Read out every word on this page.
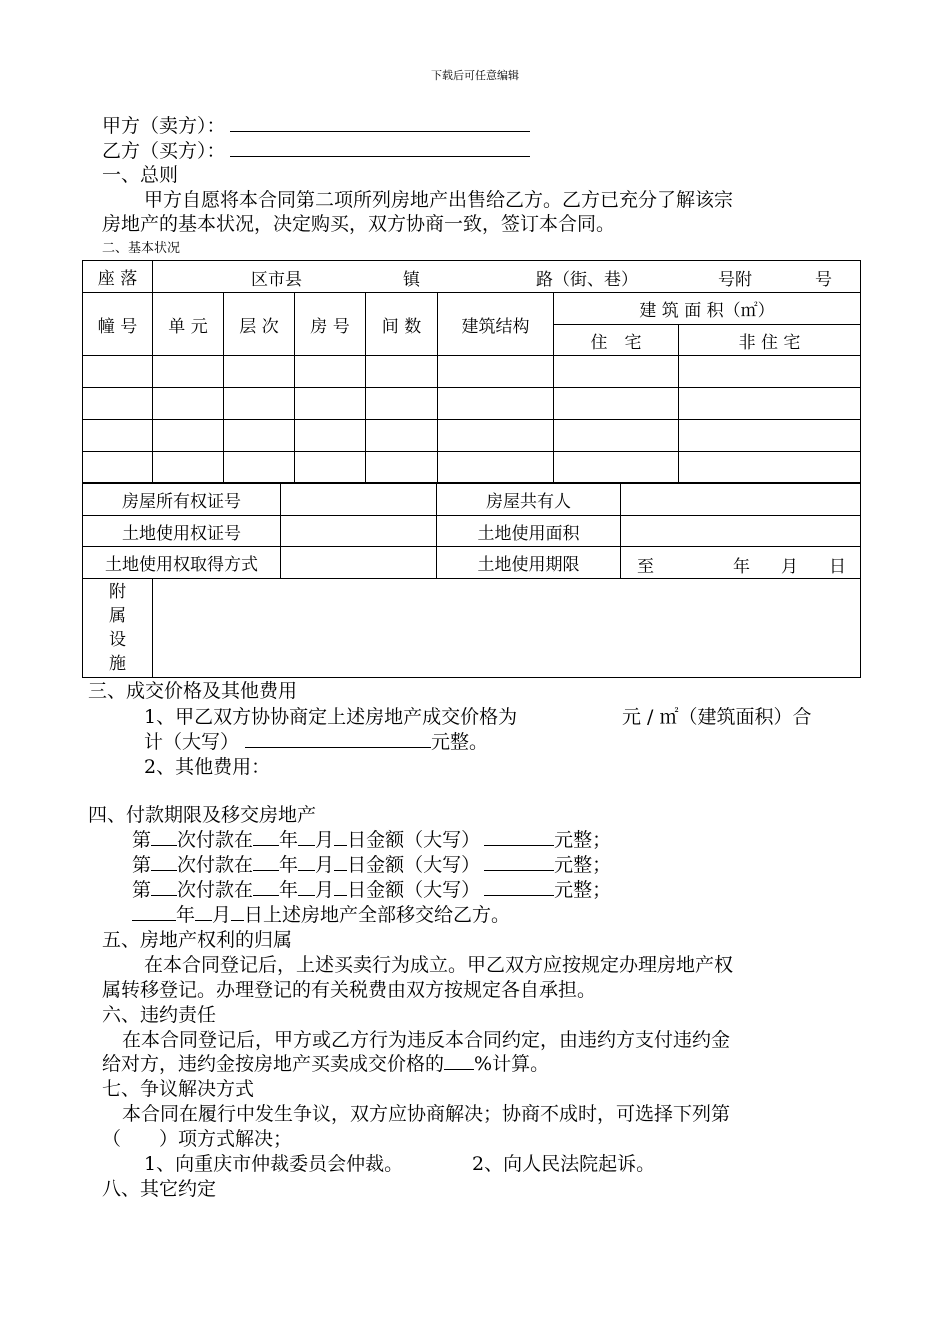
下载后可任意编辑
甲方（卖方）：
乙方（买方）：
一、总则
甲方自愿将本合同第二项所列房地产出售给乙方。乙方已充分了解该宗
房地产的基本状况，决定购买，双方协商一致，签订本合同。
二、基本状况
座 落	区市县 镇 路（街、巷） 号附 号						

幢 号	单 元	层 次	房 号	间 数	建筑结构	建 筑 面 积（㎡）	
						住　宅	非 住 宅

房屋所有权证号		房屋共有人	
土地使用权证号		土地使用面积	
土地使用权取得方式		土地使用期限	至 年 月 日
附
属
设
施

三、成交价格及其他费用
1、甲乙双方协协商定上述房地产成交价格为	元 / ㎡（建筑面积）合
计（大写）	元整。
2、其他费用：
四、付款期限及移交房地产
第 次付款在 年 月 日金额（大写）	元整；
第 次付款在 年 月 日金额（大写）	元整；
第 次付款在 年 月 日金额（大写）	元整；
年 月 日上述房地产全部移交给乙方。
五、房地产权利的归属
在本合同登记后，上述买卖行为成立。甲乙双方应按规定办理房地产权
属转移登记。办理登记的有关税费由双方按规定各自承担。
六、违约责任
在本合同登记后，甲方或乙方行为违反本合同约定，由违约方支付违约金
给对方，违约金按房地产买卖成交价格的 %计算。
七、争议解决方式
本合同在履行中发生争议，双方应协商解决；协商不成时，可选择下列第
（　　）项方式解决；
1、向重庆市仲裁委员会仲裁。	2、向人民法院起诉。
八、其它约定
